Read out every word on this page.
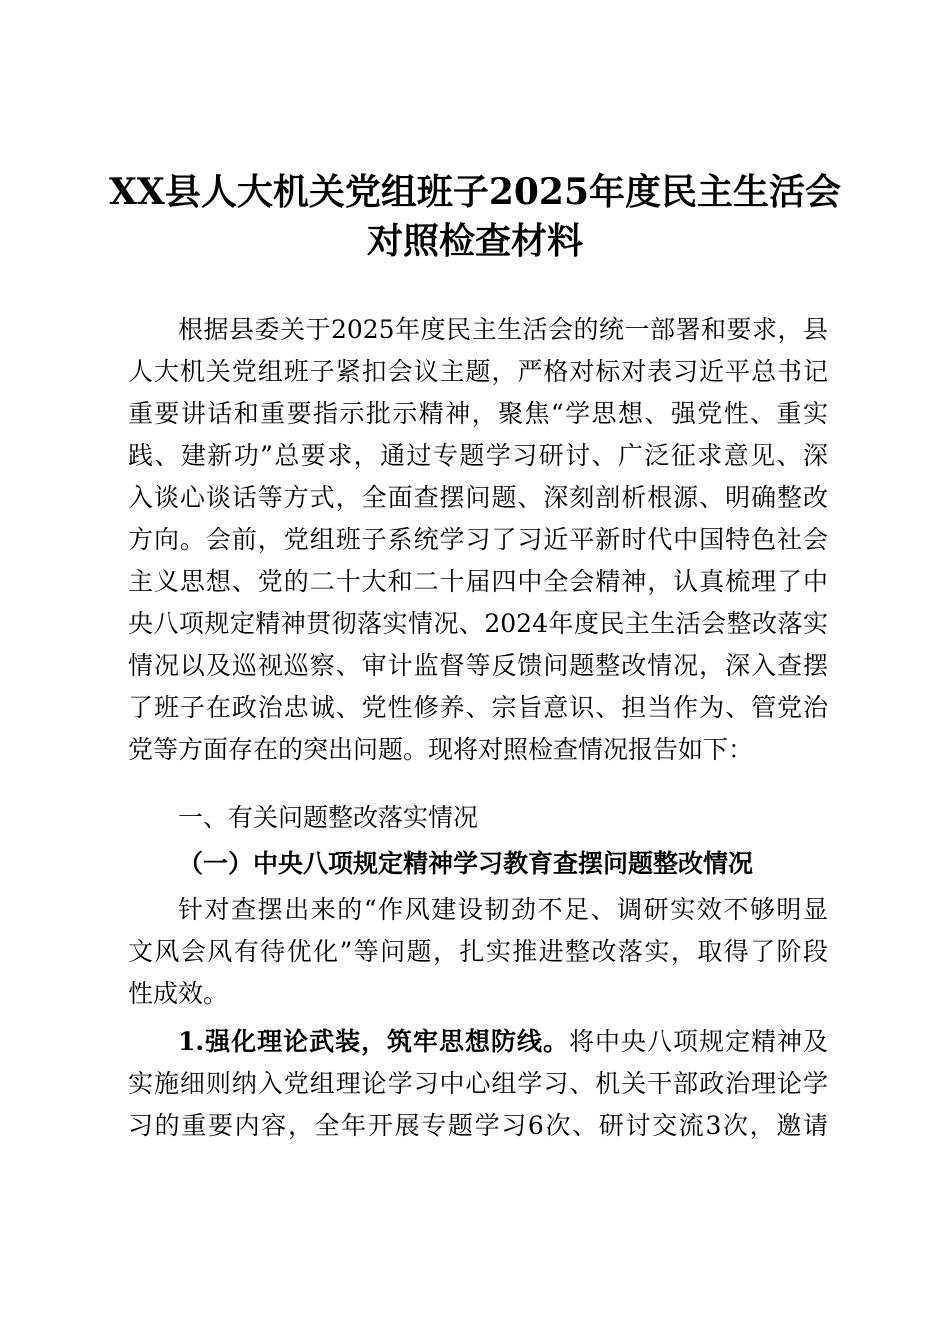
XX县人大机关党组班子2025年度民主生活会
对照检查材料
根据县委关于2025年度民主生活会的统一部署和要求，县
人大机关党组班子紧扣会议主题，严格对标对表习近平总书记
重要讲话和重要指示批示精神，聚焦“学思想、强党性、重实
践、建新功”总要求，通过专题学习研讨、广泛征求意见、深
入谈心谈话等方式，全面查摆问题、深刻剖析根源、明确整改
方向。会前，党组班子系统学习了习近平新时代中国特色社会
主义思想、党的二十大和二十届四中全会精神，认真梳理了中
央八项规定精神贯彻落实情况、2024年度民主生活会整改落实
情况以及巡视巡察、审计监督等反馈问题整改情况，深入查摆
了班子在政治忠诚、党性修养、宗旨意识、担当作为、管党治
党等方面存在的突出问题。现将对照检查情况报告如下：
一、有关问题整改落实情况
（一）中央八项规定精神学习教育查摆问题整改情况
针对查摆出来的“作风建设韧劲不足、调研实效不够明显
文风会风有待优化”等问题，扎实推进整改落实，取得了阶段
性成效。
1.强化理论武装，筑牢思想防线。将中央八项规定精神及
实施细则纳入党组理论学习中心组学习、机关干部政治理论学
习的重要内容，全年开展专题学习6次、研讨交流3次，邀请
